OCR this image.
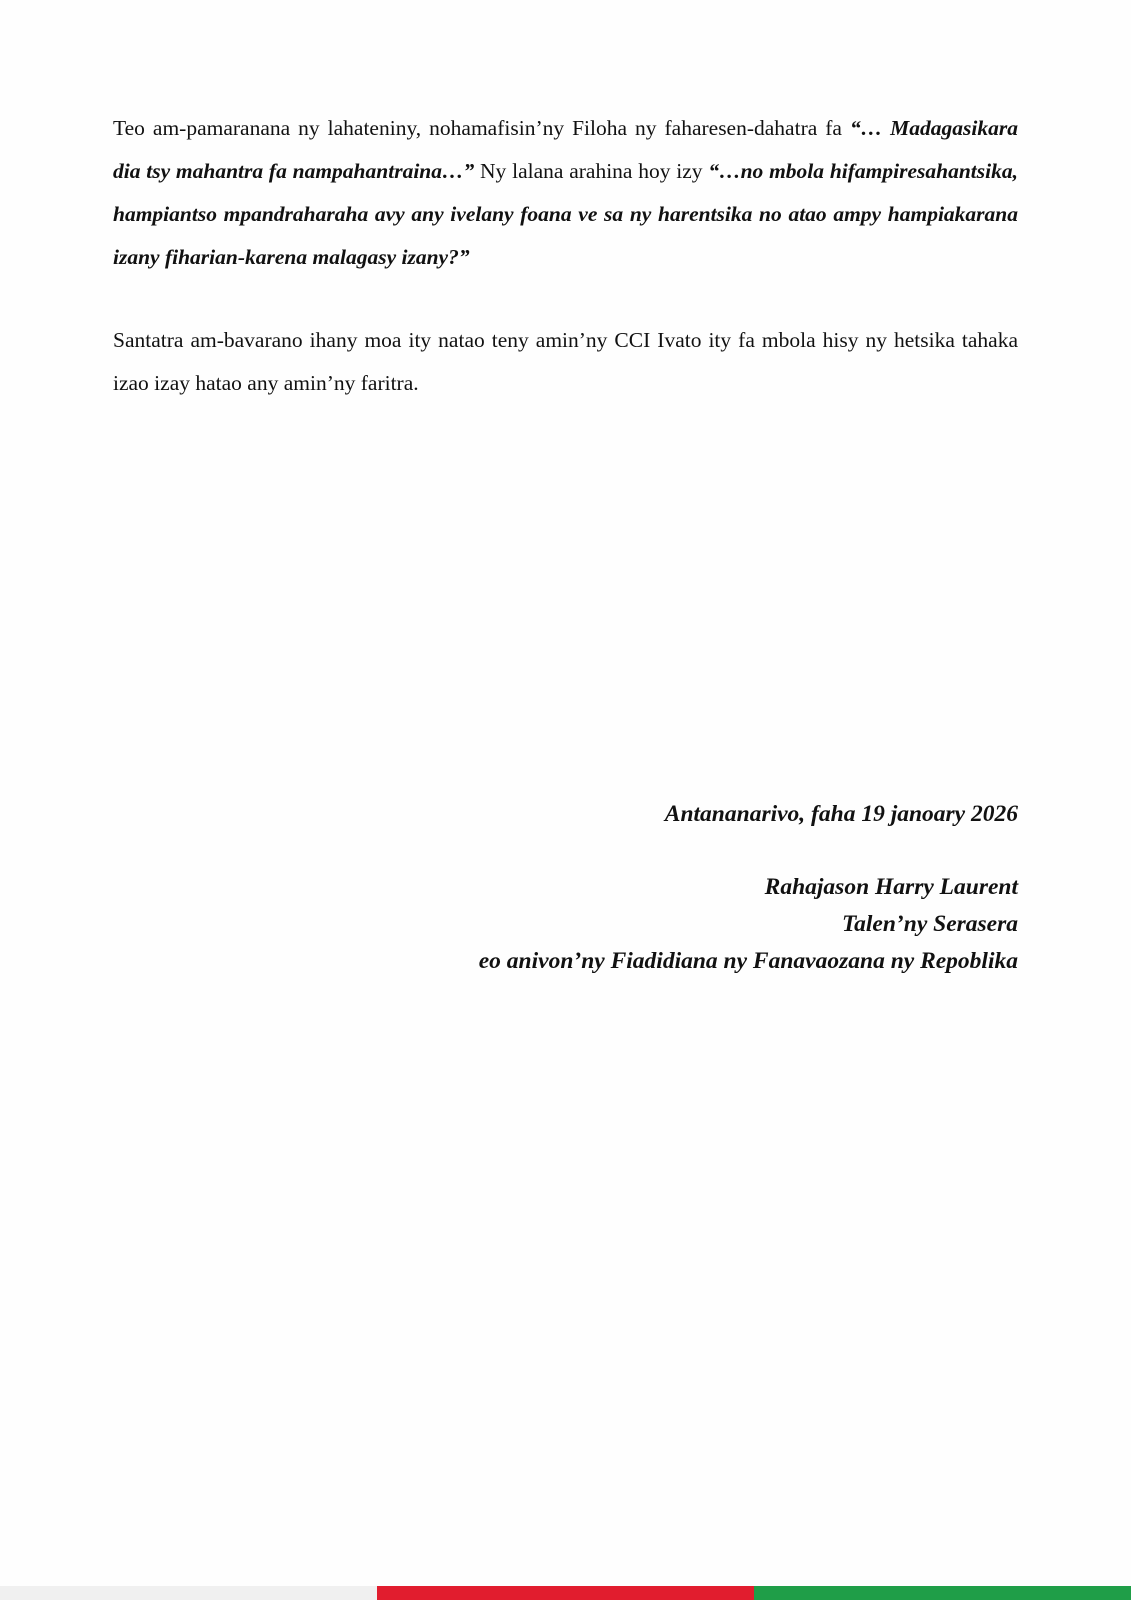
Teo am-pamaranana ny lahateniny, nohamafisin’ny Filoha ny faharesen-dahatra fa “… Madagasikara dia tsy mahantra fa nampahantraina…” Ny lalana arahina hoy izy “…no mbola hifampiresahantsika, hampiantso mpandraharaha avy any ivelany foana ve sa ny harentsika no atao ampy hampiakarana izany fiharian-karena malagasy izany?”

Santatra am-bavarano ihany moa ity natao teny amin’ny CCI Ivato ity fa mbola hisy ny hetsika tahaka izao izay hatao any amin’ny faritra.

Antananarivo, faha 19 janoary 2026
Rahajason Harry Laurent
Talen’ny Serasera
eo anivon’ny Fiadidiana ny Fanavaozana ny Repoblika
